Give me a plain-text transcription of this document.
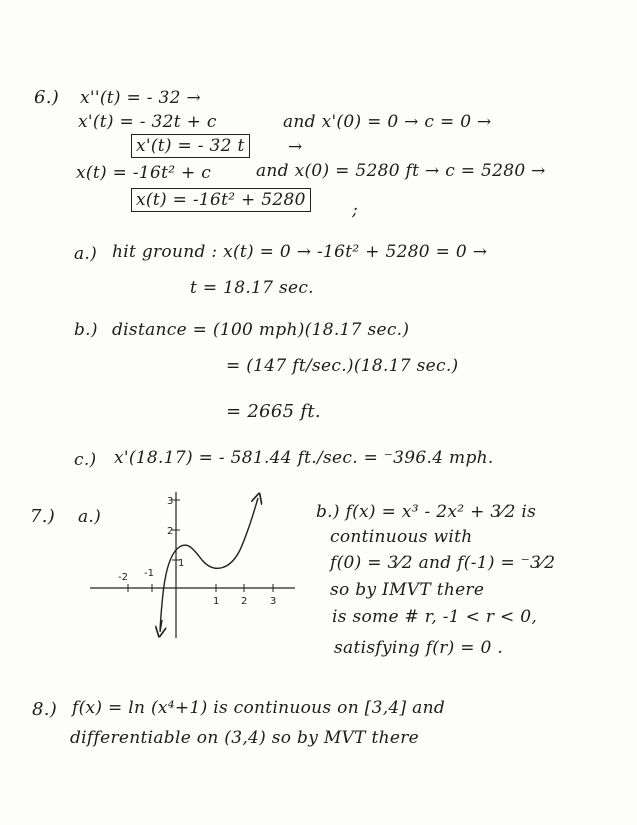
6.) x''(t) = - 32 →
x'(t) = - 32t + c	and x'(0) = 0 → c = 0 →
x'(t) = - 32 t	→
x(t) = -16t² + c	and x(0) = 5280 ft → c = 5280 →
x(t) = -16t² + 5280	;
a.) hit ground : x(t) = 0 → -16t² + 5280 = 0 →
t = 18.17 sec.
b.) distance = (100 mph)(18.17 sec.)
= (147 ft/sec.)(18.17 sec.)
= 2665 ft.
c.) x'(18.17) = - 581.44 ft./sec. = ⁻396.4 mph.
7.) a.)
-2 -1
1 2 3
1
2
3
b.) f(x) = x³ - 2x² + 3⁄2 is
continuous with
f(0) = 3⁄2 and f(-1) = ⁻3⁄2
so by IMVT there
is some # r, -1 < r < 0,
satisfying f(r) = 0 .
8.) f(x) = ln (x⁴+1) is continuous on [3,4] and
differentiable on (3,4) so by MVT there
